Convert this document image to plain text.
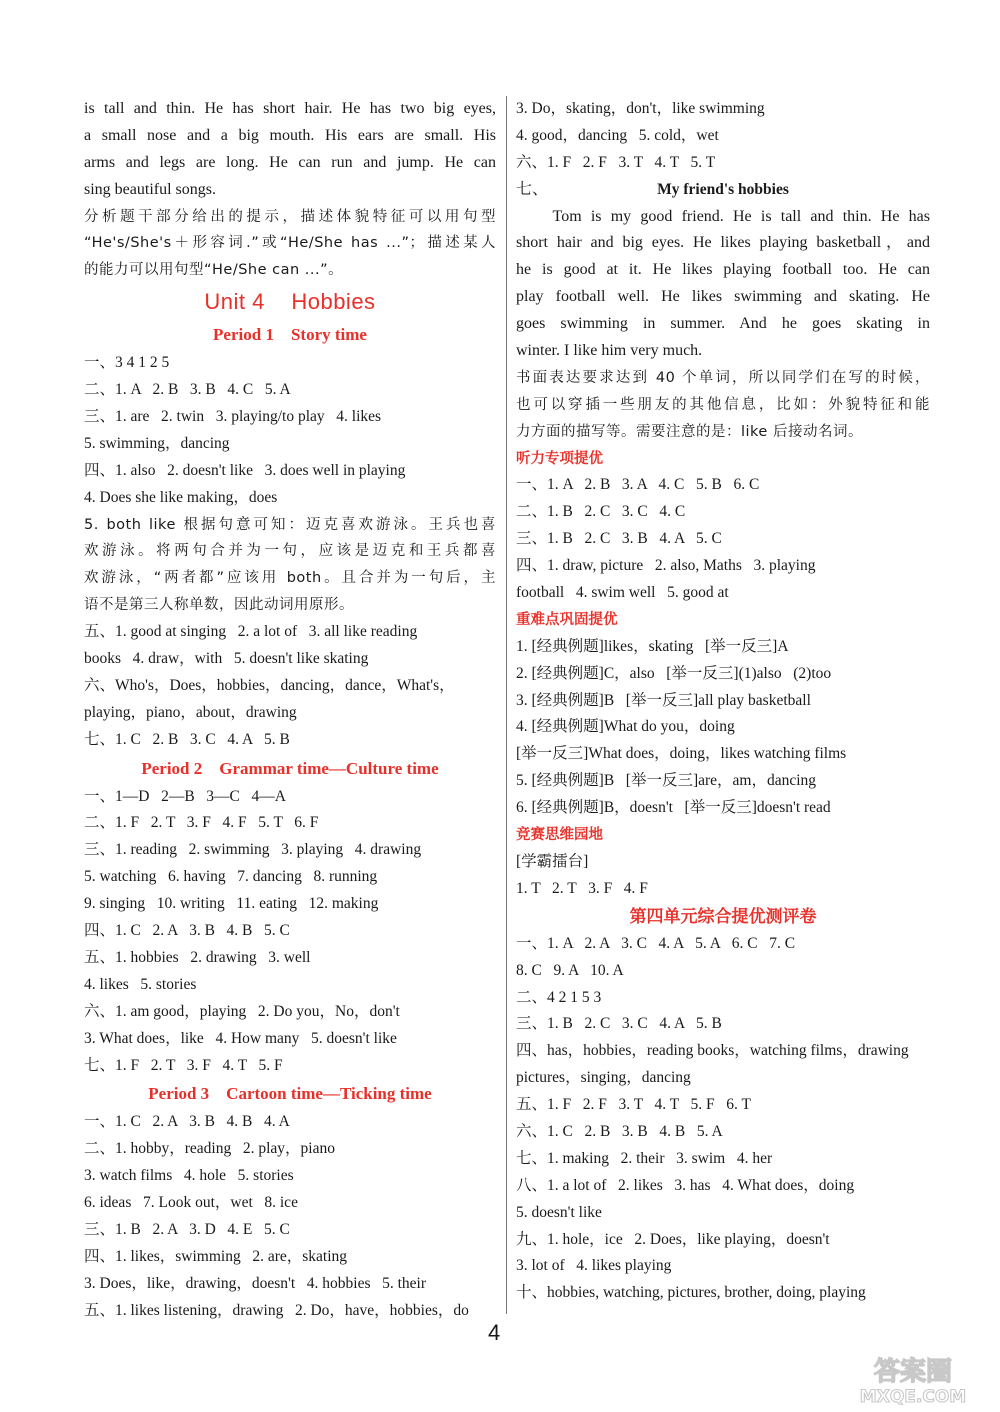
is tall and thin. He has short hair. He has two big eyes,
a small nose and a big mouth. His ears are small. His
arms and legs are long. He can run and jump. He can
sing beautiful songs.
分析题干部分给出的提示，描述体貌特征可以用句型
“He's/She's＋形容词.”或“He/She has ...”；描述某人
的能力可以用句型“He/She can ...”。
Unit 4    Hobbies
Period 1    Story time
一、3 4 1 2 5
二、1. A   2. B   3. B   4. C   5. A
三、1. are   2. twin   3. playing/to play   4. likes
5. swimming，dancing
四、1. also   2. doesn't like   3. does well in playing
4. Does she like making，does
5. both like 根据句意可知：迈克喜欢游泳。王兵也喜
欢游泳。将两句合并为一句，应该是迈克和王兵都喜
欢游泳，“两者都”应该用 both。且合并为一句后，主
语不是第三人称单数，因此动词用原形。
五、1. good at singing   2. a lot of   3. all like reading
books   4. draw，with   5. doesn't like skating
六、Who's，Does，hobbies，dancing，dance，What's，
playing，piano，about，drawing
七、1. C   2. B   3. C   4. A   5. B
Period 2    Grammar time—Culture time
一、1—D   2—B   3—C   4—A
二、1. F   2. T   3. F   4. F   5. T   6. F
三、1. reading   2. swimming   3. playing   4. drawing
5. watching   6. having   7. dancing   8. running
9. singing   10. writing   11. eating   12. making
四、1. C   2. A   3. B   4. B   5. C
五、1. hobbies   2. drawing   3. well
4. likes   5. stories
六、1. am good，playing   2. Do you，No，don't
3. What does，like   4. How many   5. doesn't like
七、1. F   2. T   3. F   4. T   5. F
Period 3    Cartoon time—Ticking time
一、1. C   2. A   3. B   4. B   4. A
二、1. hobby，reading   2. play，piano
3. watch films   4. hole   5. stories
6. ideas   7. Look out，wet   8. ice
三、1. B   2. A   3. D   4. E   5. C
四、1. likes，swimming   2. are，skating
3. Does，like，drawing，doesn't   4. hobbies   5. their
五、1. likes listening，drawing   2. Do，have，hobbies，do
3. Do，skating，don't，like swimming
4. good，dancing   5. cold，wet
六、1. F   2. F   3. T   4. T   5. T
七、	My friend's hobbies
Tom is my good friend. He is tall and thin. He has
short hair and big eyes. He likes playing basketball，and
he is good at it. He likes playing football too. He can
play football well. He likes swimming and skating. He
goes swimming in summer. And he goes skating in
winter. I like him very much.
书面表达要求达到 40 个单词，所以同学们在写的时候，
也可以穿插一些朋友的其他信息，比如：外貌特征和能
力方面的描写等。需要注意的是：like 后接动名词。
听力专项提优
一、1. A   2. B   3. A   4. C   5. B   6. C
二、1. B   2. C   3. C   4. C
三、1. B   2. C   3. B   4. A   5. C
四、1. draw, picture   2. also, Maths   3. playing
football   4. swim well   5. good at
重难点巩固提优
1. [经典例题]likes，skating   [举一反三]A
2. [经典例题]C，also   [举一反三](1)also   (2)too
3. [经典例题]B   [举一反三]all play basketball
4. [经典例题]What do you，doing
[举一反三]What does，doing，likes watching films
5. [经典例题]B   [举一反三]are，am，dancing
6. [经典例题]B，doesn't   [举一反三]doesn't read
竞赛思维园地
[学霸擂台]
1. T   2. T   3. F   4. F
第四单元综合提优测评卷
一、1. A   2. A   3. C   4. A   5. A   6. C   7. C
8. C   9. A   10. A
二、4 2 1 5 3
三、1. B   2. C   3. C   4. A   5. B
四、has，hobbies，reading books，watching films，drawing
pictures，singing，dancing
五、1. F   2. F   3. T   4. T   5. F   6. T
六、1. C   2. B   3. B   4. B   5. A
七、1. making   2. their   3. swim   4. her
八、1. a lot of   2. likes   3. has   4. What does，doing
5. doesn't like
九、1. hole，ice   2. Does，like playing，doesn't
3. lot of   4. likes playing
十、hobbies, watching, pictures, brother, doing, playing
4
答案圈
MXQE.COM
